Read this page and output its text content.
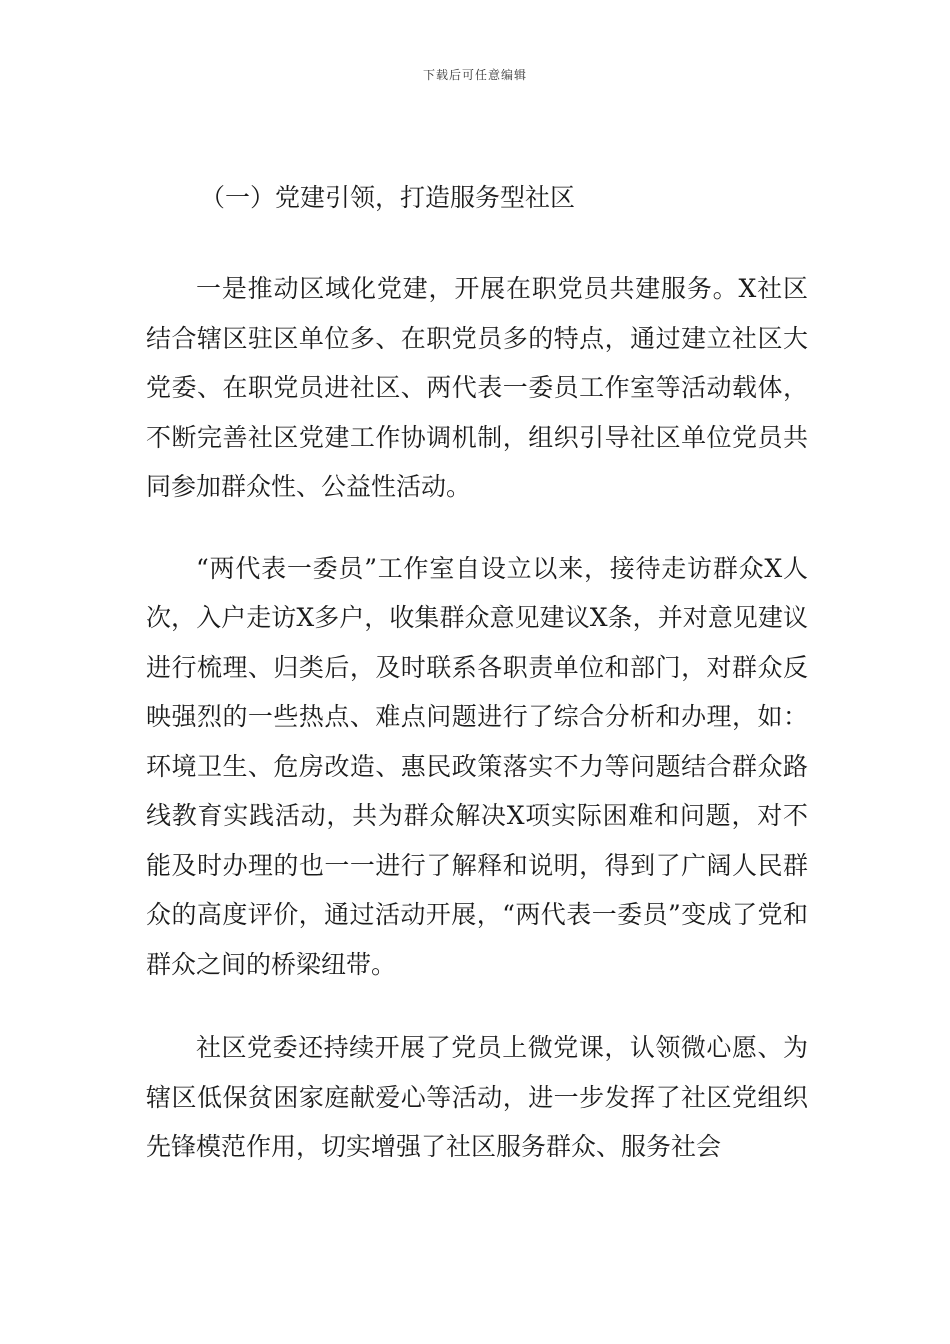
下载后可任意编辑
（一）党建引领，打造服务型社区

一是推动区域化党建，开展在职党员共建服务。X社区结合辖区驻区单位多、在职党员多的特点，通过建立社区大党委、在职党员进社区、两代表一委员工作室等活动载体，不断完善社区党建工作协调机制，组织引导社区单位党员共同参加群众性、公益性活动。

“两代表一委员”工作室自设立以来，接待走访群众X人次，入户走访X多户，收集群众意见建议X条，并对意见建议进行梳理、归类后，及时联系各职责单位和部门，对群众反映强烈的一些热点、难点问题进行了综合分析和办理，如：环境卫生、危房改造、惠民政策落实不力等问题结合群众路线教育实践活动，共为群众解决X项实际困难和问题，对不能及时办理的也一一进行了解释和说明，得到了广阔人民群众的高度评价，通过活动开展，“两代表一委员”变成了党和群众之间的桥梁纽带。

社区党委还持续开展了党员上微党课，认领微心愿、为辖区低保贫困家庭献爱心等活动，进一步发挥了社区党组织先锋模范作用，切实增强了社区服务群众、服务社会
